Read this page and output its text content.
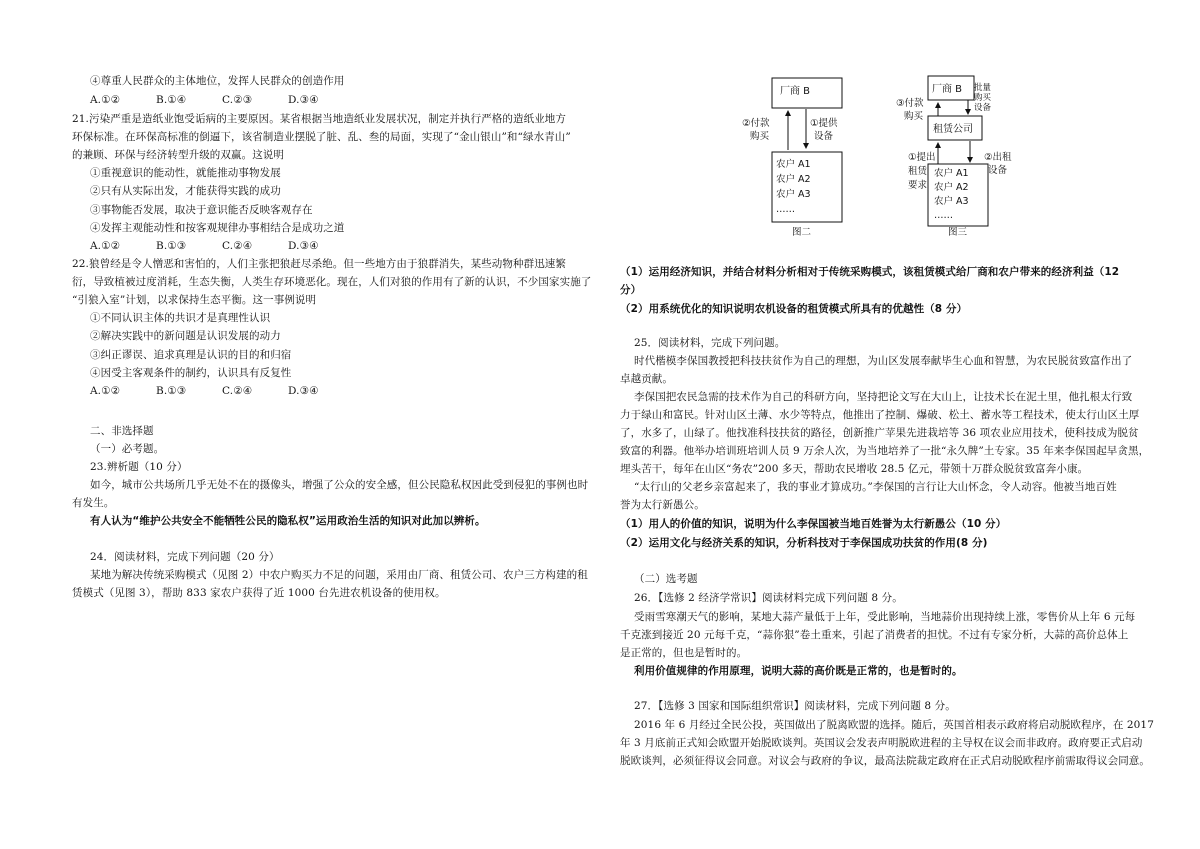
④尊重人民群众的主体地位，发挥人民群众的创造作用
A.①②	B.①④	C.②③	D.③④
21.污染严重是造纸业饱受诟病的主要原因。某省根据当地造纸业发展状况，制定并执行严格的造纸业地方
环保标准。在环保高标准的倒逼下，该省制造业摆脱了脏、乱、叁的局面，实现了“金山银山”和“绿水青山”
的兼顾、环保与经济转型升级的双赢。这说明
①重视意识的能动性，就能推动事物发展
②只有从实际出发，才能获得实践的成功
③事物能否发展，取决于意识能否反映客观存在
④发挥主观能动性和按客观规律办事相结合是成功之道
A.①②	B.①③	C.②④	D.③④
22.狼曾经是令人憎恶和害怕的，人们主张把狼赶尽杀绝。但一些地方由于狼群消失，某些动物种群迅速繁
衍，导致植被过度消耗，生态失衡，人类生存环境恶化。现在，人们对狼的作用有了新的认识，不少国家实施了
“引狼入室”计划，以求保持生态平衡。这一事例说明
①不同认识主体的共识才是真理性认识
②解决实践中的新问题是认识发展的动力
③纠正谬误、追求真理是认识的目的和归宿
④因受主客观条件的制约，认识具有反复性
A.①②	B.①③	C.②④	D.③④
二、非选择题
（一）必考题。
23.辨析题（10 分）
如今，城市公共场所几乎无处不在的摄像头，增强了公众的安全感，但公民隐私权因此受到侵犯的事例也时
有发生。
有人认为“维护公共安全不能牺牲公民的隐私权”运用政治生活的知识对此加以辨析。
24．阅读材料，完成下列问题（20 分）
某地为解决传统采购模式（见图 2）中农户购买力不足的问题，采用由厂商、租赁公司、农户三方构建的租
赁模式（见图 3），帮助 833 家农户获得了近 1000 台先进农机设备的使用权。
厂商 B
②付款
购买
①提供
设备
农户 A1
农户 A2
农户 A3
……
图二
厂商 B 批量
购买
设备
③付款
购买
租赁公司
①提出
租赁
要求
②出租
设备
农户 A1
农户 A2
农户 A3
……
图三
（1）运用经济知识，并结合材料分析相对于传统采购模式，该租赁模式给厂商和农户带来的经济利益（12
分）
（2）用系统优化的知识说明农机设备的租赁模式所具有的优越性（8 分）
25．阅读材料，完成下列问题。
时代楷模李保国教授把科技扶贫作为自己的理想，为山区发展奉献毕生心血和智慧，为农民脱贫致富作出了
卓越贡献。
李保国把农民急需的技术作为自己的科研方向，坚持把论文写在大山上，让技术长在泥土里，他扎根太行致
力于绿山和富民。针对山区土薄、水少等特点，他推出了控制、爆破、松土、蓄水等工程技术，使太行山区土厚
了，水多了，山绿了。他找准科技扶贫的路径，创新推广苹果先进栽培等 36 项农业应用技术，使科技成为脱贫
致富的利器。他举办培训班培训人员 9 万余人次，为当地培养了一批“永久牌”土专家。35 年来李保国起早贪黑，
埋头苦干，每年在山区“务农”200 多天，帮助农民增收 28.5 亿元，带领十万群众脱贫致富奔小康。
“太行山的父老乡亲富起来了，我的事业才算成功。”李保国的言行让大山怀念，令人动容。他被当地百姓
誉为太行新愚公。
（1）用人的价值的知识，说明为什么李保国被当地百姓誉为太行新愚公（10 分）
（2）运用文化与经济关系的知识，分析科技对于李保国成功扶贫的作用(8 分)
（二）选考题
26．【选修 2 经济学常识】阅读材料完成下列问题 8 分。
受雨雪寒潮天气的影响，某地大蒜产量低于上年，受此影响，当地蒜价出现持续上涨，零售价从上年 6 元每
千克涨到接近 20 元每千克，“蒜你狠”卷土重来，引起了消费者的担忧。不过有专家分析，大蒜的高价总体上
是正常的，但也是暂时的。
利用价值规律的作用原理，说明大蒜的高价既是正常的，也是暂时的。
27．【选修 3 国家和国际组织常识】阅读材料，完成下列问题 8 分。
2016 年 6 月经过全民公投，英国做出了脱离欧盟的选择。随后，英国首相表示政府将启动脱欧程序，在 2017
年 3 月底前正式知会欧盟开始脱欧谈判。英国议会发表声明脱欧进程的主导权在议会而非政府。政府要正式启动
脱欧谈判，必须征得议会同意。对议会与政府的争议，最高法院裁定政府在正式启动脱欧程序前需取得议会同意。
